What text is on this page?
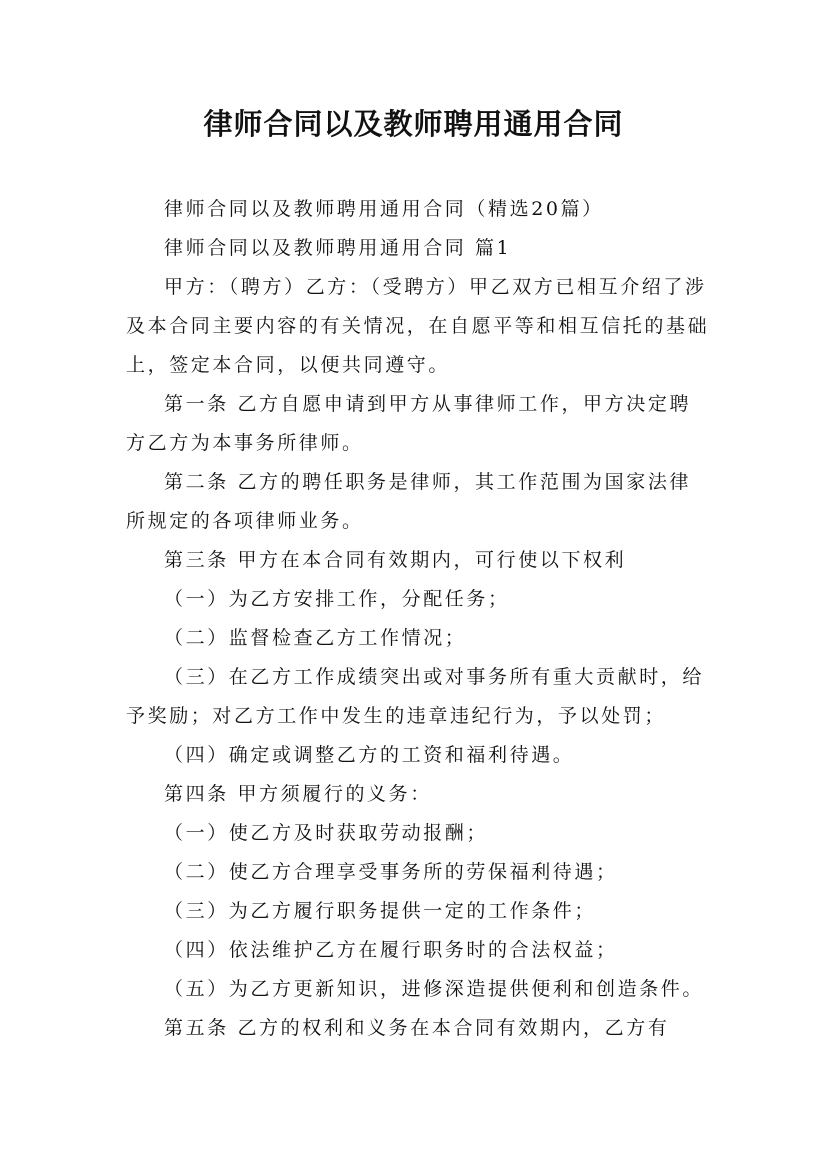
律师合同以及教师聘用通用合同

律师合同以及教师聘用通用合同（精选20篇）

律师合同以及教师聘用通用合同 篇1

甲方：（聘方）乙方：（受聘方）甲乙双方已相互介绍了涉及本合同主要内容的有关情况，在自愿平等和相互信托的基础上，签定本合同，以便共同遵守。

第一条 乙方自愿申请到甲方从事律师工作，甲方决定聘方乙方为本事务所律师。

第二条 乙方的聘任职务是律师，其工作范围为国家法律所规定的各项律师业务。

第三条 甲方在本合同有效期内，可行使以下权利

（一）为乙方安排工作，分配任务；

（二）监督检查乙方工作情况；

（三）在乙方工作成绩突出或对事务所有重大贡献时，给予奖励；对乙方工作中发生的违章违纪行为，予以处罚；

（四）确定或调整乙方的工资和福利待遇。

第四条 甲方须履行的义务：

（一）使乙方及时获取劳动报酬；

（二）使乙方合理享受事务所的劳保福利待遇；

（三）为乙方履行职务提供一定的工作条件；

（四）依法维护乙方在履行职务时的合法权益；

（五）为乙方更新知识，进修深造提供便利和创造条件。

第五条 乙方的权利和义务在本合同有效期内，乙方有
